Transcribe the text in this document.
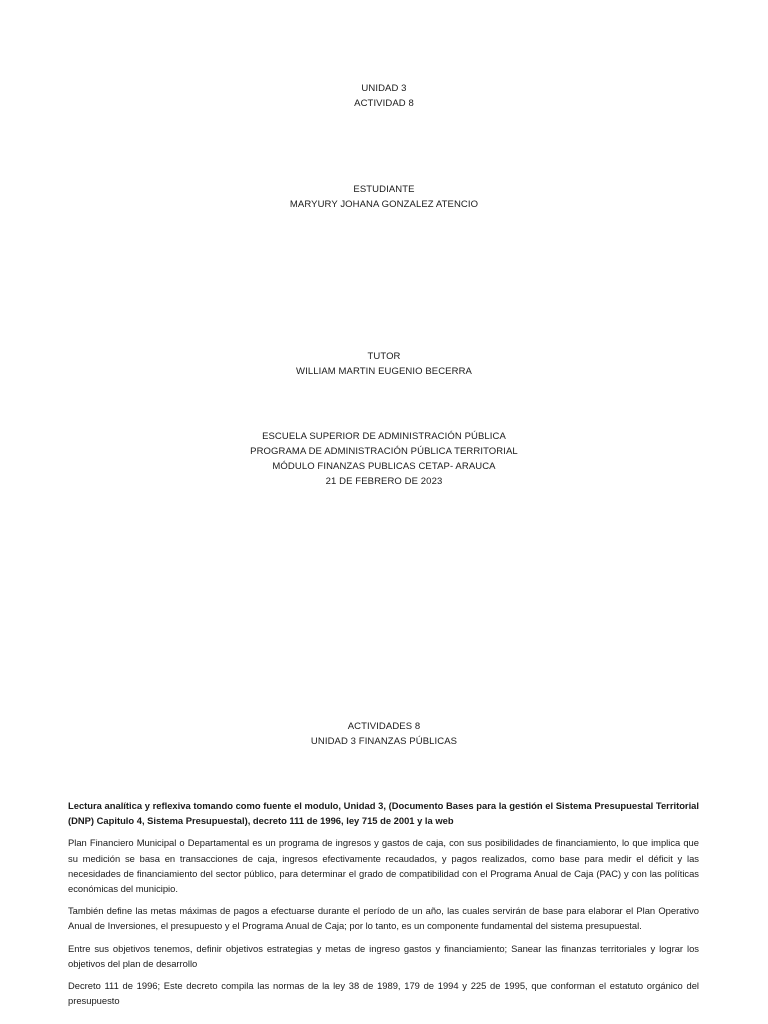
UNIDAD 3
ACTIVIDAD 8
ESTUDIANTE
MARYURY JOHANA GONZALEZ ATENCIO
TUTOR
WILLIAM MARTIN EUGENIO BECERRA
ESCUELA SUPERIOR DE ADMINISTRACIÓN PÚBLICA
PROGRAMA DE ADMINISTRACIÓN PÚBLICA TERRITORIAL
MÓDULO FINANZAS PUBLICAS CETAP- ARAUCA
21 DE FEBRERO DE 2023
ACTIVIDADES 8
UNIDAD 3 FINANZAS PÚBLICAS

Lectura analítica y reflexiva tomando como fuente el modulo, Unidad 3, (Documento Bases para la gestión el Sistema Presupuestal Territorial (DNP) Capitulo 4, Sistema Presupuestal), decreto 111 de 1996, ley 715 de 2001 y la web

Plan Financiero Municipal o Departamental es un programa de ingresos y gastos de caja, con sus posibilidades de financiamiento, lo que implica que su medición se basa en transacciones de caja, ingresos efectivamente recaudados, y pagos realizados, como base para medir el déficit y las necesidades de financiamiento del sector público, para determinar el grado de compatibilidad con el Programa Anual de Caja (PAC) y con las políticas económicas del municipio.

También define las metas máximas de pagos a efectuarse durante el período de un año, las cuales servirán de base para elaborar el Plan Operativo Anual de Inversiones, el presupuesto y el Programa Anual de Caja; por lo tanto, es un componente fundamental del sistema presupuestal.

Entre sus objetivos tenemos, definir objetivos estrategias y metas de ingreso gastos y financiamiento; Sanear las finanzas territoriales y lograr los objetivos del plan de desarrollo

Decreto 111 de 1996; Este decreto compila las normas de la ley 38 de 1989, 179 de 1994 y 225 de 1995, que conforman el estatuto orgánico del presupuesto
